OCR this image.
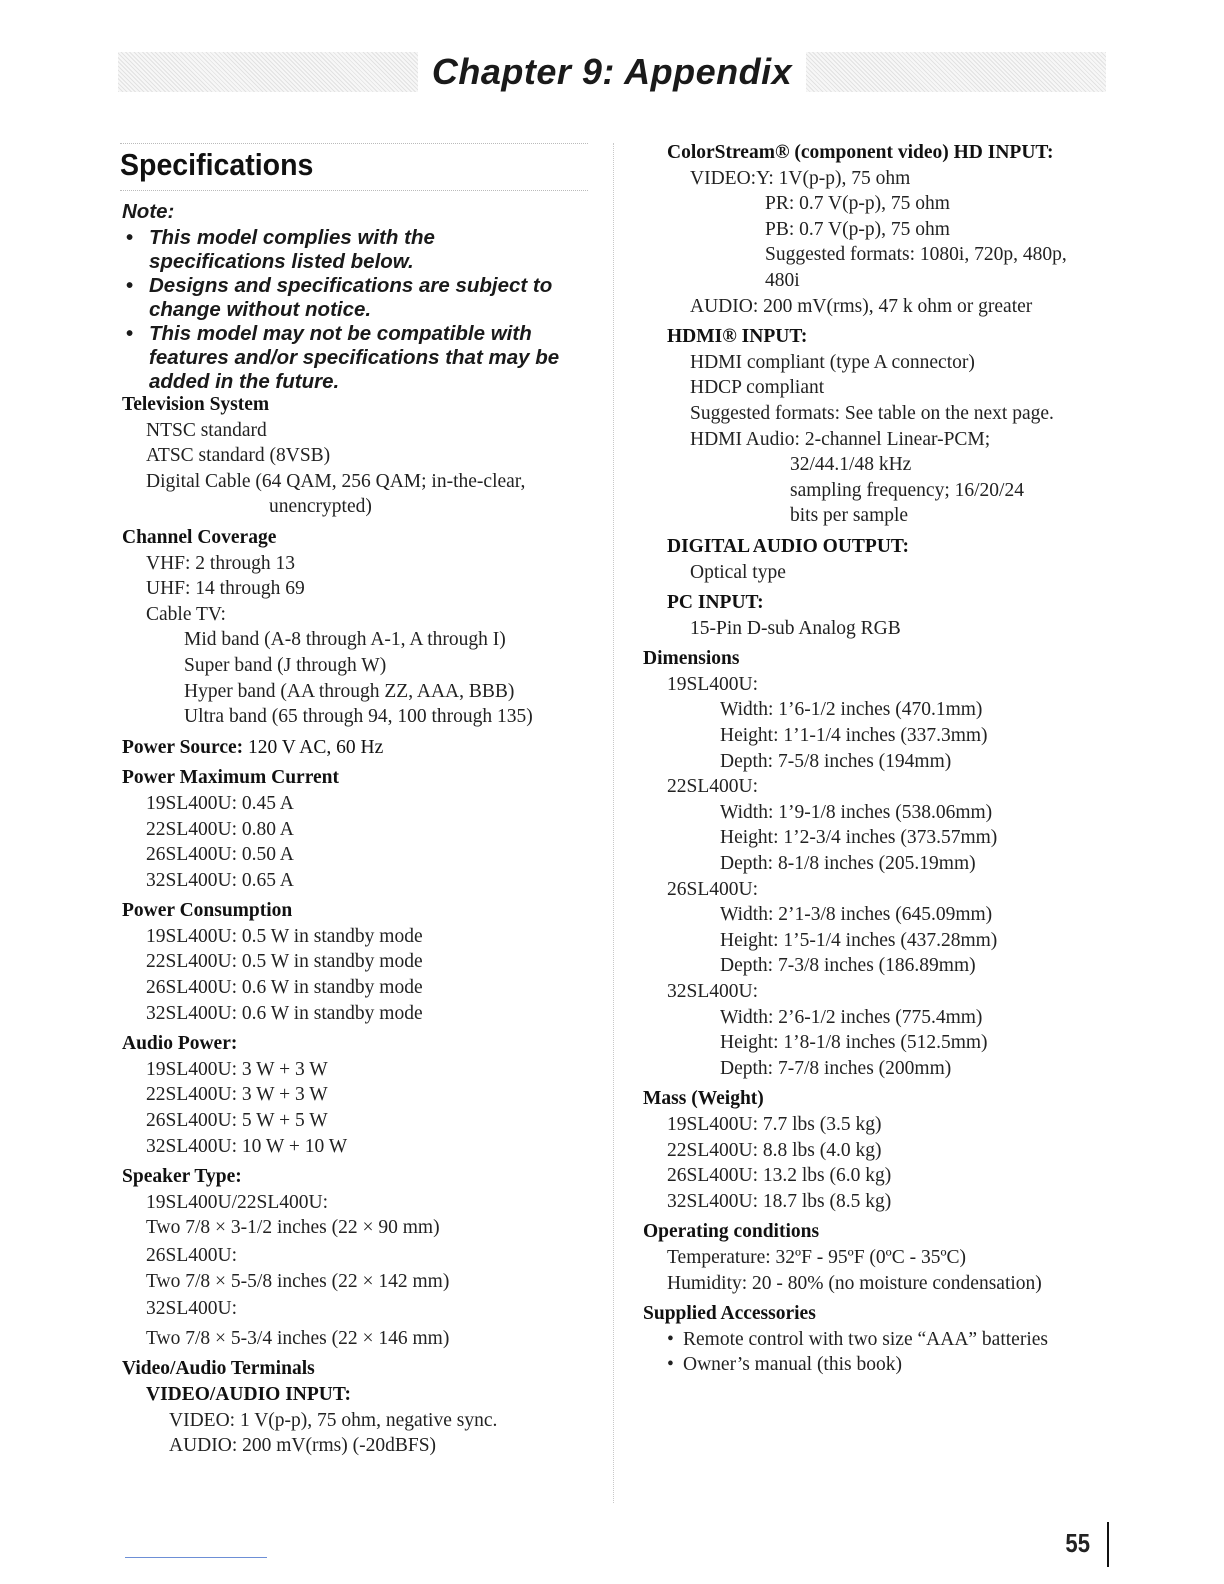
Chapter 9: Appendix
Specifications
Note:
• This model complies with the
specifications listed below.
• Designs and specifications are subject to
change without notice.
• This model may not be compatible with
features and/or specifications that may be
added in the future.
Television System
NTSC standard
ATSC standard (8VSB)
Digital Cable (64 QAM, 256 QAM; in-the-clear,
unencrypted)
Channel Coverage
VHF: 2 through 13
UHF: 14 through 69
Cable TV:
Mid band (A-8 through A-1, A through I)
Super band (J through W)
Hyper band (AA through ZZ, AAA, BBB)
Ultra band (65 through 94, 100 through 135)
Power Source: 120 V AC, 60 Hz
Power Maximum Current
19SL400U: 0.45 A
22SL400U: 0.80 A
26SL400U: 0.50 A
32SL400U: 0.65 A
Power Consumption
19SL400U: 0.5 W in standby mode
22SL400U: 0.5 W in standby mode
26SL400U: 0.6 W in standby mode
32SL400U: 0.6 W in standby mode
Audio Power:
19SL400U: 3 W + 3 W
22SL400U: 3 W + 3 W
26SL400U: 5 W + 5 W
32SL400U: 10 W + 10 W
Speaker Type:
19SL400U/22SL400U:
Two 7/8 × 3-1/2 inches (22 × 90 mm)
26SL400U:
Two 7/8 × 5-5/8 inches (22 × 142 mm)
32SL400U:
Two 7/8 × 5-3/4 inches (22 × 146 mm)
Video/Audio Terminals
VIDEO/AUDIO INPUT:
VIDEO: 1 V(p-p), 75 ohm, negative sync.
AUDIO: 200 mV(rms) (-20dBFS)
ColorStream® (component video) HD INPUT:
VIDEO:Y: 1V(p-p), 75 ohm
PR: 0.7 V(p-p), 75 ohm
PB: 0.7 V(p-p), 75 ohm
Suggested formats: 1080i, 720p, 480p,
480i
AUDIO: 200 mV(rms), 47 k ohm or greater
HDMI® INPUT:
HDMI compliant (type A connector)
HDCP compliant
Suggested formats: See table on the next page.
HDMI Audio: 2-channel Linear-PCM;
32/44.1/48 kHz
sampling frequency; 16/20/24
bits per sample
DIGITAL AUDIO OUTPUT:
Optical type
PC INPUT:
15-Pin D-sub Analog RGB
Dimensions
19SL400U:
Width: 1’6-1/2 inches (470.1mm)
Height: 1’1-1/4 inches (337.3mm)
Depth: 7-5/8 inches (194mm)
22SL400U:
Width: 1’9-1/8 inches (538.06mm)
Height: 1’2-3/4 inches (373.57mm)
Depth: 8-1/8 inches (205.19mm)
26SL400U:
Width: 2’1-3/8 inches (645.09mm)
Height: 1’5-1/4 inches (437.28mm)
Depth: 7-3/8 inches (186.89mm)
32SL400U:
Width: 2’6-1/2 inches (775.4mm)
Height: 1’8-1/8 inches (512.5mm)
Depth: 7-7/8 inches (200mm)
Mass (Weight)
19SL400U: 7.7 lbs (3.5 kg)
22SL400U: 8.8 lbs (4.0 kg)
26SL400U: 13.2 lbs (6.0 kg)
32SL400U: 18.7 lbs (8.5 kg)
Operating conditions
Temperature: 32ºF - 95ºF (0ºC - 35ºC)
Humidity: 20 - 80% (no moisture condensation)
Supplied Accessories
• Remote control with two size “AAA” batteries
• Owner’s manual (this book)
55
